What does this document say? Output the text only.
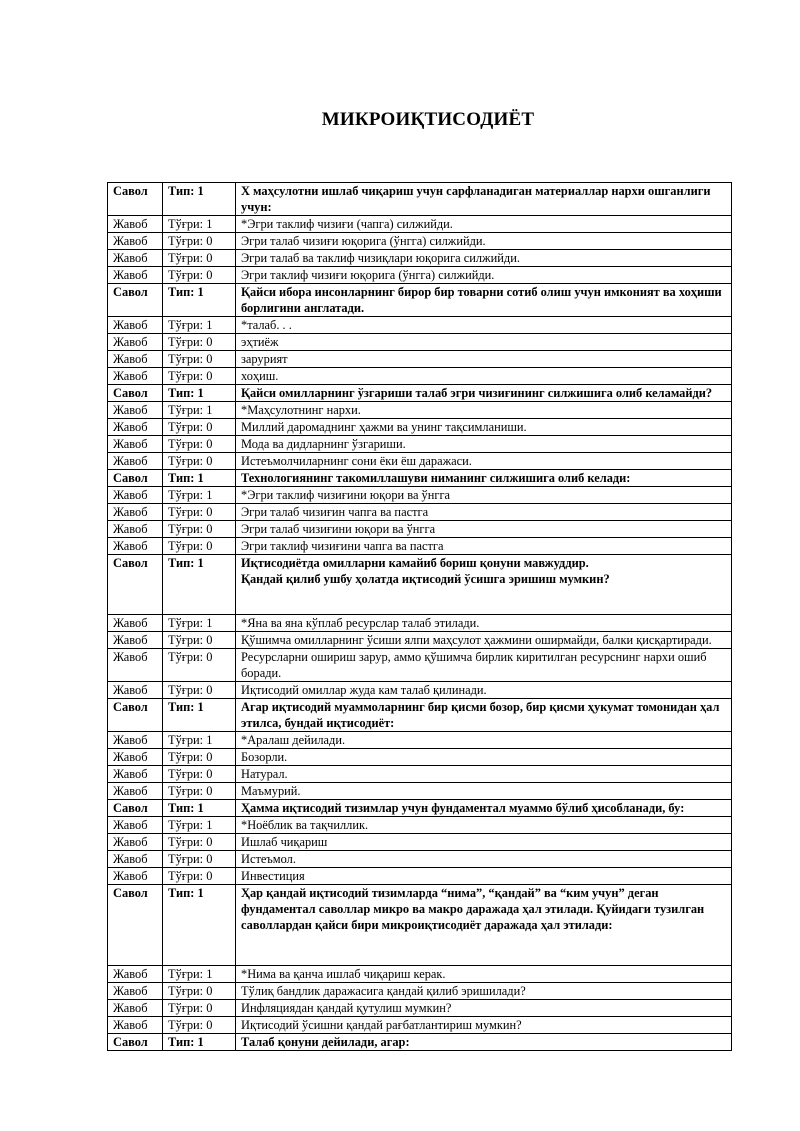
МИКРОИҚТИСОДИЁТ
Савол	Тип: 1	X маҳсулотни ишлаб чиқариш учун сарфланадиган материаллар нархи ошганлиги учун:
Жавоб	Тўғри: 1	*Эгри таклиф чизиғи (чапга) силжийди.
Жавоб	Тўғри: 0	Эгри талаб чизиғи юқорига (ўнгга) силжийди.
Жавоб	Тўғри: 0	Эгри талаб ва таклиф чизиқлари юқорига силжийди.
Жавоб	Тўғри: 0	Эгри таклиф чизиғи юқорига (ўнгга) силжийди.
Савол	Тип: 1	Қайси ибора инсонларнинг бирор бир товарни сотиб олиш учун имконият ва хоҳиши борлигини англатади.
Жавоб	Тўғри: 1	*талаб. . .
Жавоб	Тўғри: 0	эҳтиёж
Жавоб	Тўғри: 0	зарурият
Жавоб	Тўғри: 0	хоҳиш.
Савол	Тип: 1	Қайси омилларнинг ўзгариши талаб эгри чизиғининг силжишига олиб келамайди?
Жавоб	Тўғри: 1	*Маҳсулотнинг нархи.
Жавоб	Тўғри: 0	Миллий даромаднинг ҳажми ва унинг тақсимланиши.
Жавоб	Тўғри: 0	Мода ва дидларнинг ўзгариши.
Жавоб	Тўғри: 0	Истеъмолчиларнинг сони ёки ёш даражаси.
Савол	Тип: 1	Технологиянинг такомиллашуви ниманинг силжишига олиб келади:
Жавоб	Тўғри: 1	*Эгри таклиф чизиғини юқори ва ўнгга
Жавоб	Тўғри: 0	Эгри талаб чизиғин чапга ва пастга
Жавоб	Тўғри: 0	Эгри талаб чизиғини юқори ва ўнгга
Жавоб	Тўғри: 0	Эгри таклиф чизиғини чапга ва пастга
Савол	Тип: 1	Иқтисодиётда омилларни камайиб бориш қонуни мавжуддир.
Қандай қилиб ушбу ҳолатда иқтисодий ўсишга эришиш мумкин?
Жавоб	Тўғри: 1	*Яна ва яна кўплаб ресурслар талаб этилади.
Жавоб	Тўғри: 0	Қўшимча омилларнинг ўсиши ялпи маҳсулот ҳажмини оширмайди, балки қисқартиради.
Жавоб	Тўғри: 0	Ресурсларни ошириш зарур, аммо қўшимча бирлик киритилган ресурснинг нархи ошиб боради.
Жавоб	Тўғри: 0	Иқтисодий омиллар жуда кам талаб қилинади.
Савол	Тип: 1	Агар иқтисодий муаммоларнинг бир қисми бозор, бир қисми ҳукумат томонидан ҳал этилса, бундай иқтисодиёт:
Жавоб	Тўғри: 1	*Аралаш дейилади.
Жавоб	Тўғри: 0	Бозорли.
Жавоб	Тўғри: 0	Натурал.
Жавоб	Тўғри: 0	Маъмурий.
Савол	Тип: 1	Ҳамма иқтисодий тизимлар учун фундаментал муаммо бўлиб ҳисобланади, бу:
Жавоб	Тўғри: 1	*Ноёблик ва тақчиллик.
Жавоб	Тўғри: 0	Ишлаб чиқариш
Жавоб	Тўғри: 0	Истеъмол.
Жавоб	Тўғри: 0	Инвестиция
Савол	Тип: 1	Ҳар қандай иқтисодий тизимларда “нима”, “қандай” ва “ким учун” деган фундаментал саволлар микро ва макро даражада ҳал этилади. Қуйидаги тузилган саволлардан қайси бири микроиқтисодиёт даражада ҳал этилади:
Жавоб	Тўғри: 1	*Нима ва қанча ишлаб чиқариш керак.
Жавоб	Тўғри: 0	Тўлиқ бандлик даражасига қандай қилиб эришилади?
Жавоб	Тўғри: 0	Инфляциядан қандай қутулиш мумкин?
Жавоб	Тўғри: 0	Иқтисодий ўсишни қандай рағбатлантириш мумкин?
Савол	Тип: 1	Талаб қонуни дейилади, агар:
